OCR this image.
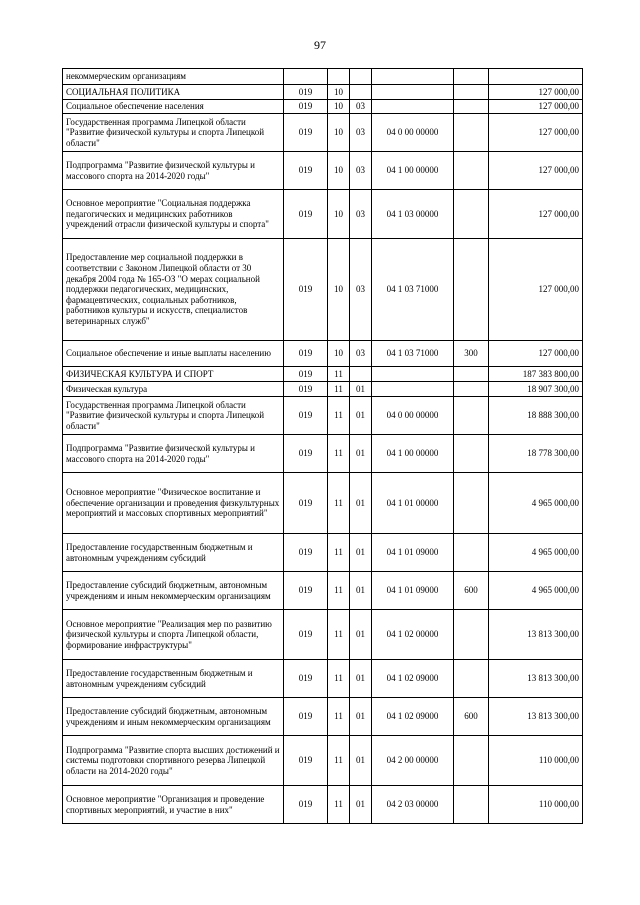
97
некоммерческим организациям						
СОЦИАЛЬНАЯ ПОЛИТИКА	019	10				127 000,00
Социальное обеспечение населения	019	10	03			127 000,00
Государственная программа Липецкой области "Развитие физической культуры и спорта Липецкой области"	019	10	03	04 0 00 00000		127 000,00
Подпрограмма "Развитие физической культуры и массового спорта на 2014-2020 годы"	019	10	03	04 1 00 00000		127 000,00
Основное мероприятие "Социальная поддержка педагогических и медицинских работников учреждений отрасли физической культуры и спорта"	019	10	03	04 1 03 00000		127 000,00
Предоставление мер социальной поддержки в соответствии с Законом Липецкой области от 30 декабря 2004 года № 165-ОЗ "О мерах социальной поддержки педагогических, медицинских, фармацевтических, социальных работников, работников культуры и искусств, специалистов ветеринарных служб"	019	10	03	04 1 03 71000		127 000,00
Социальное обеспечение и иные выплаты населению	019	10	03	04 1 03 71000	300	127 000,00
ФИЗИЧЕСКАЯ КУЛЬТУРА И СПОРТ	019	11				187 383 800,00
Физическая культура	019	11	01			18 907 300,00
Государственная программа Липецкой области "Развитие физической культуры и спорта Липецкой области"	019	11	01	04 0 00 00000		18 888 300,00
Подпрограмма "Развитие физической культуры и массового спорта на 2014-2020 годы"	019	11	01	04 1 00 00000		18 778 300,00
Основное мероприятие "Физическое воспитание и обеспечение организации и проведения физкультурных мероприятий и массовых спортивных мероприятий"	019	11	01	04 1 01 00000		4 965 000,00
Предоставление государственным бюджетным и автономным учреждениям субсидий	019	11	01	04 1 01 09000		4 965 000,00
Предоставление субсидий бюджетным, автономным учреждениям и иным некоммерческим организациям	019	11	01	04 1 01 09000	600	4 965 000,00
Основное мероприятие "Реализация мер по развитию физической культуры и спорта Липецкой области, формирование инфраструктуры"	019	11	01	04 1 02 00000		13 813 300,00
Предоставление государственным бюджетным и автономным учреждениям субсидий	019	11	01	04 1 02 09000		13 813 300,00
Предоставление субсидий бюджетным, автономным учреждениям и иным некоммерческим организациям	019	11	01	04 1 02 09000	600	13 813 300,00
Подпрограмма "Развитие спорта высших достижений и системы подготовки спортивного резерва Липецкой области на 2014-2020 годы"	019	11	01	04 2 00 00000		110 000,00
Основное мероприятие "Организация и проведение спортивных мероприятий, и участие в них"	019	11	01	04 2 03 00000		110 000,00
